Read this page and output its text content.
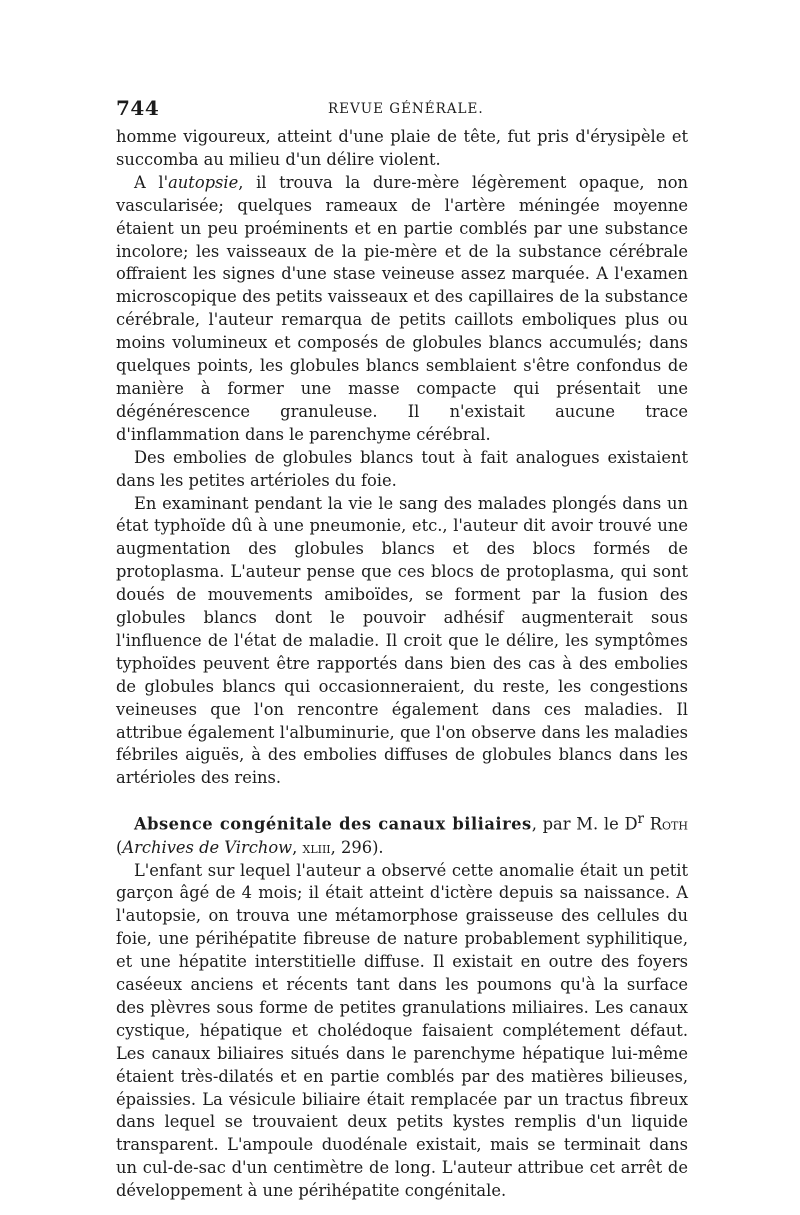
744	REVUE GÉNÉRALE.

homme vigoureux, atteint d'une plaie de tête, fut pris d'érysipèle et succomba au milieu d'un délire violent.

A l'autopsie, il trouva la dure-mère légèrement opaque, non vascularisée; quelques rameaux de l'artère méningée moyenne étaient un peu proéminents et en partie comblés par une substance incolore; les vaisseaux de la pie-mère et de la substance cérébrale offraient les signes d'une stase veineuse assez marquée. A l'examen microscopique des petits vaisseaux et des capillaires de la substance cérébrale, l'auteur remarqua de petits caillots emboliques plus ou moins volumineux et composés de globules blancs accumulés; dans quelques points, les globules blancs semblaient s'être confondus de manière à former une masse compacte qui présentait une dégénérescence granuleuse. Il n'existait aucune trace d'inflammation dans le parenchyme cérébral.

Des embolies de globules blancs tout à fait analogues existaient dans les petites artérioles du foie.

En examinant pendant la vie le sang des malades plongés dans un état typhoïde dû à une pneumonie, etc., l'auteur dit avoir trouvé une augmentation des globules blancs et des blocs formés de protoplasma. L'auteur pense que ces blocs de protoplasma, qui sont doués de mouvements amiboïdes, se forment par la fusion des globules blancs dont le pouvoir adhésif augmenterait sous l'influence de l'état de maladie. Il croit que le délire, les symptômes typhoïdes peuvent être rapportés dans bien des cas à des embolies de globules blancs qui occasionneraient, du reste, les congestions veineuses que l'on rencontre également dans ces maladies. Il attribue également l'albuminurie, que l'on observe dans les maladies fébriles aiguës, à des embolies diffuses de globules blancs dans les artérioles des reins.

Absence congénitale des canaux biliaires, par M. le $D^r$ Roth (Archives de Virchow, xliii, 296).

L'enfant sur lequel l'auteur a observé cette anomalie était un petit garçon âgé de 4 mois; il était atteint d'ictère depuis sa naissance. A l'autopsie, on trouva une métamorphose graisseuse des cellules du foie, une périhépatite fibreuse de nature probablement syphilitique, et une hépatite interstitielle diffuse. Il existait en outre des foyers caséeux anciens et récents tant dans les poumons qu'à la surface des plèvres sous forme de petites granulations miliaires. Les canaux cystique, hépatique et cholédoque faisaient complétement défaut. Les canaux biliaires situés dans le parenchyme hépatique lui-même étaient très-dilatés et en partie comblés par des matières bilieuses, épaissies. La vésicule biliaire était remplacée par un tractus fibreux dans lequel se trouvaient deux petits kystes remplis d'un liquide transparent. L'ampoule duodénale existait, mais se terminait dans un cul-de-sac d'un centimètre de long. L'auteur attribue cet arrêt de développement à une périhépatite congénitale.
